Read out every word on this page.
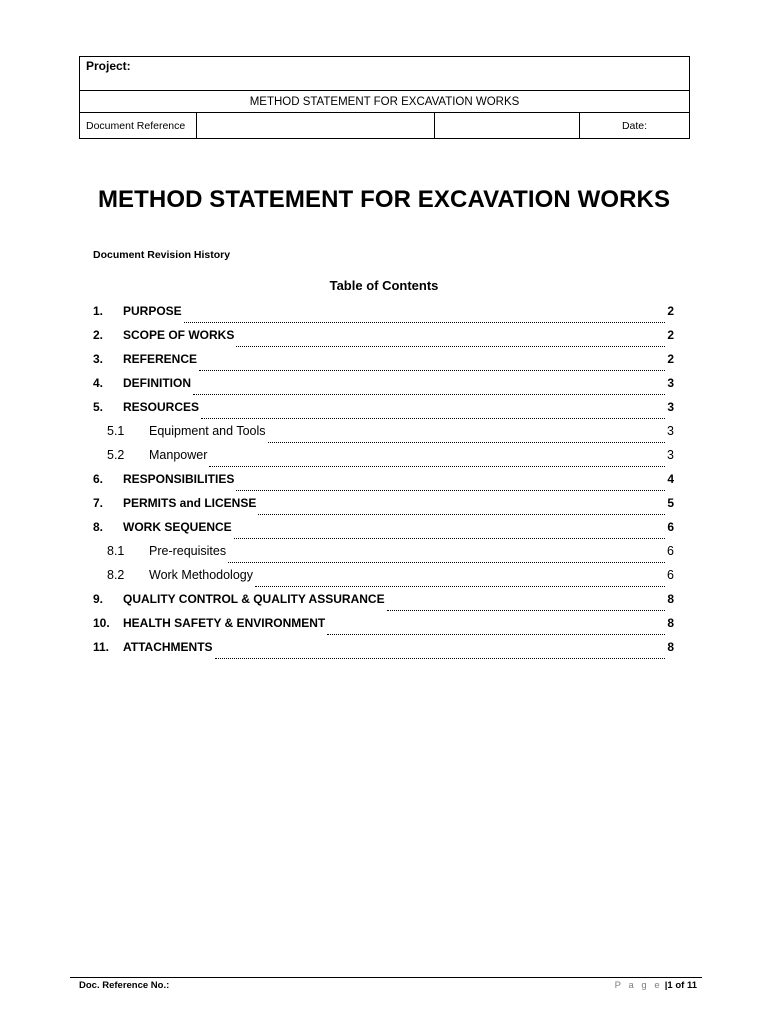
Project:
METHOD STATEMENT FOR EXCAVATION WORKS
Document Reference			Date:
METHOD STATEMENT FOR EXCAVATION WORKS
Document Revision History
Table of Contents
1.	PURPOSE	2
2.	SCOPE OF WORKS	2
3.	REFERENCE	2
4.	DEFINITION	3
5.	RESOURCES	3
5.1	Equipment and Tools	3
5.2	Manpower	3
6.	RESPONSIBILITIES	4
7.	PERMITS and LICENSE	5
8.	WORK SEQUENCE	6
8.1	Pre-requisites	6
8.2	Work Methodology	6
9.	QUALITY CONTROL & QUALITY ASSURANCE	8
10.	HEALTH SAFETY & ENVIRONMENT	8
11.	ATTACHMENTS	8
Doc. Reference No.:	P a g e |1 of 11
